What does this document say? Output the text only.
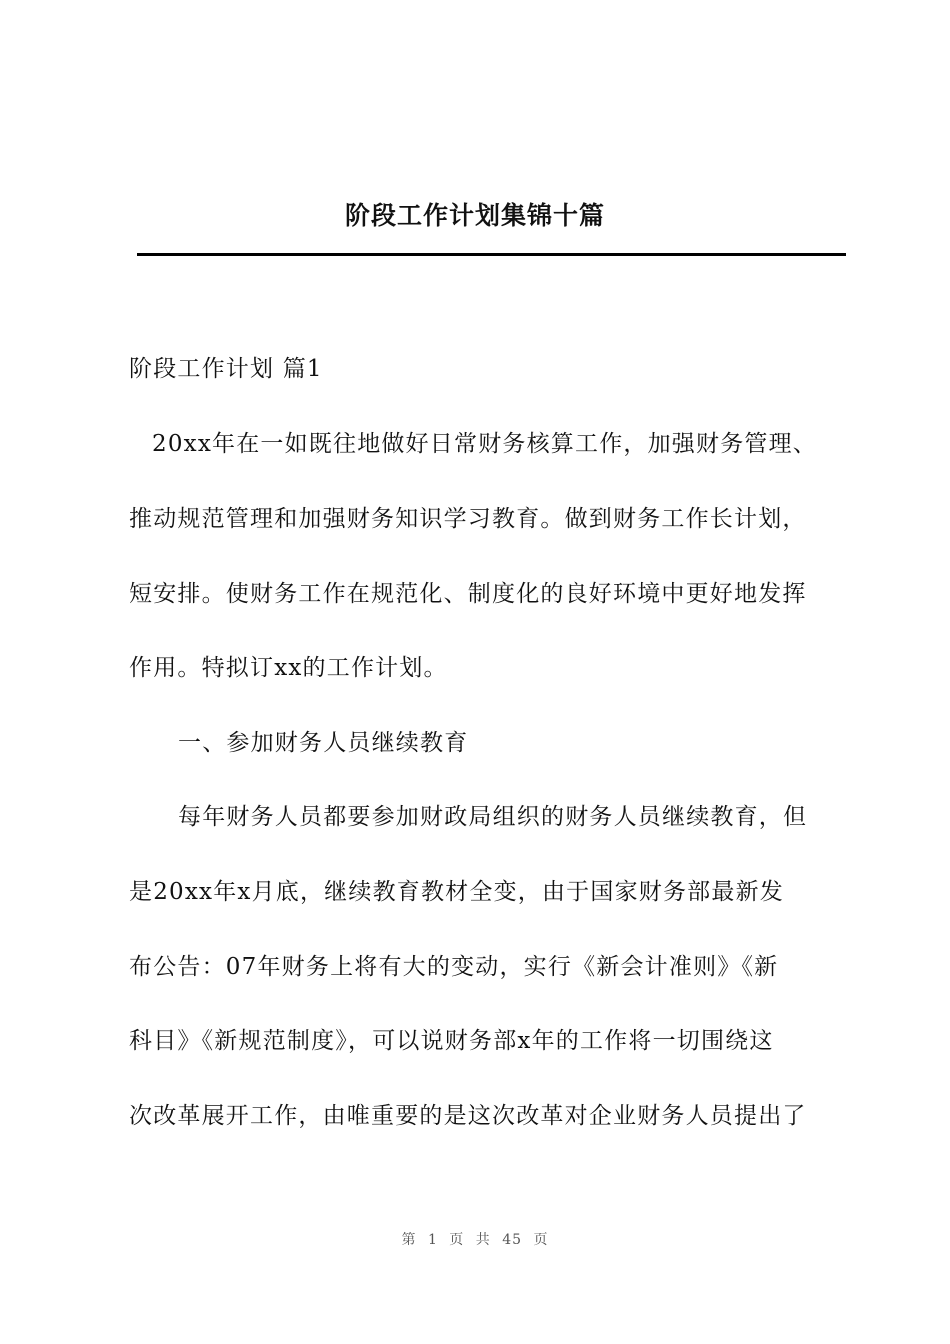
阶段工作计划集锦十篇
阶段工作计划 篇1
20xx年在一如既往地做好日常财务核算工作，加强财务管理、
推动规范管理和加强财务知识学习教育。做到财务工作长计划，
短安排。使财务工作在规范化、制度化的良好环境中更好地发挥
作用。特拟订xx的工作计划。
一、参加财务人员继续教育
每年财务人员都要参加财政局组织的财务人员继续教育，但
是20xx年x月底，继续教育教材全变，由于国家财务部最新发
布公告：07年财务上将有大的变动，实行《新会计准则》《新
科目》《新规范制度》，可以说财务部x年的工作将一切围绕这
次改革展开工作，由唯重要的是这次改革对企业财务人员提出了
第 1 页 共 45 页
